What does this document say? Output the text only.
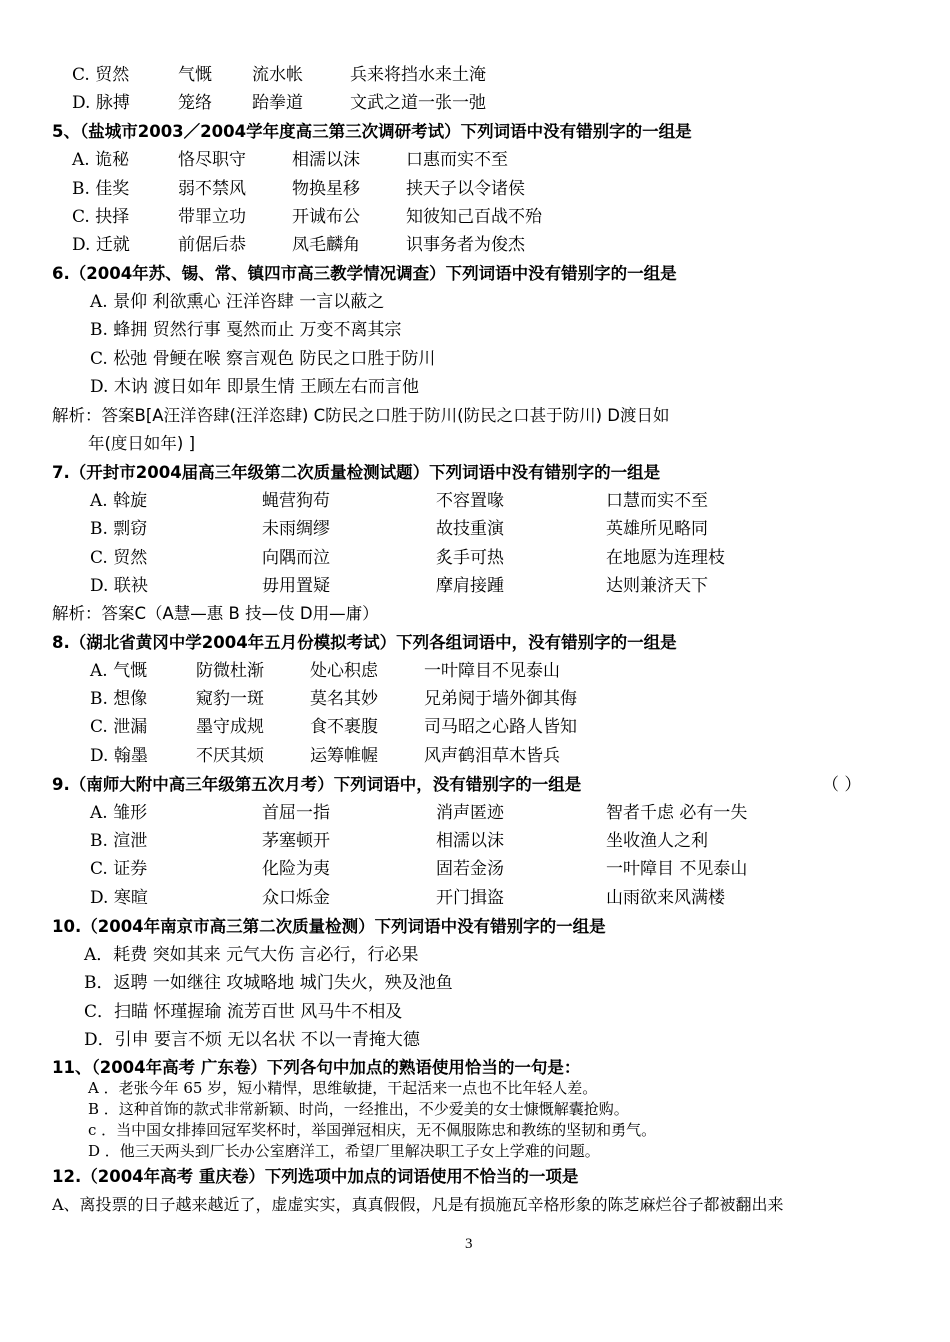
C. 贸然	气慨 流水帐	兵来将挡水来土淹
D. 脉搏	笼络 跆拳道	文武之道一张一弛
5、（盐城市2003／2004学年度高三第三次调研考试）下列词语中没有错别字的一组是
A. 诡秘	恪尽职守	相濡以沫	口惠而实不至
B. 佳奖	弱不禁风	物换星移	挟天子以令诸侯
C. 抉择	带罪立功	开诚布公	知彼知己百战不殆
D. 迁就	前倨后恭	凤毛麟角	识事务者为俊杰
6.（2004年苏、锡、常、镇四市高三教学情况调查）下列词语中没有错别字的一组是
A. 景仰 利欲熏心 汪洋咨肆 一言以蔽之
B. 蜂拥 贸然行事 戛然而止 万变不离其宗
C. 松弛 骨鲠在喉 察言观色 防民之口胜于防川
D. 木讷 渡日如年 即景生情 王顾左右而言他
解析：答案B[A汪洋咨肆(汪洋恣肆) C防民之口胜于防川(防民之口甚于防川) D渡日如
年(度日如年) ]
7.（开封市2004届高三年级第二次质量检测试题）下列词语中没有错别字的一组是
A. 斡旋	蝇营狗苟	不容置喙	口慧而实不至
B. 剽窃	未雨绸缪	故技重演	英雄所见略同
C. 贸然	向隅而泣	炙手可热	在地愿为连理枝
D. 联袂	毋用置疑	摩肩接踵	达则兼济天下
解析：答案C（A慧—惠 B 技—伎 D用—庸）
8.（湖北省黄冈中学2004年五月份模拟考试）下列各组词语中，没有错别字的一组是
A. 气慨	防微杜渐	处心积虑	一叶障目不见泰山
B. 想像	窥豹一斑	莫名其妙	兄弟阋于墙外御其侮
C. 泄漏	墨守成规	食不裹腹	司马昭之心路人皆知
D. 翰墨	不厌其烦	运筹帷幄	风声鹤泪草木皆兵
9.（南师大附中高三年级第五次月考）下列词语中，没有错别字的一组是	（ ）
A. 雏形	首屈一指	消声匿迹	智者千虑 必有一失
B. 渲泄	茅塞顿开	相濡以沫	坐收渔人之利
C. 证券	化险为夷	固若金汤	一叶障目 不见泰山
D. 寒暄	众口烁金	开门揖盗	山雨欲来风满楼
10.（2004年南京市高三第二次质量检测）下列词语中没有错别字的一组是
A．耗费 突如其来 元气大伤 言必行，行必果
B．返聘 一如继往 攻城略地 城门失火，殃及池鱼
C．扫瞄 怀瑾握瑜 流芳百世 风马牛不相及
D．引申 要言不烦 无以名状 不以一青掩大德
11、（2004年高考 广东卷）下列各句中加点的熟语使用恰当的一句是：
A ．老张今年 65 岁，短小精悍，思维敏捷，干起活来一点也不比年轻人差。
B ．这种首饰的款式非常新颖、时尚，一经推出，不少爱美的女士慷慨解囊抢购。
c ．当中国女排捧回冠军奖杯时，举国弹冠相庆，无不佩服陈忠和教练的坚韧和勇气。
D ．他三天两头到厂长办公室磨洋工，希望厂里解决职工子女上学难的问题。
12.（2004年高考 重庆卷）下列选项中加点的词语使用不恰当的一项是
A、离投票的日子越来越近了，虚虚实实，真真假假，凡是有损施瓦辛格形象的陈芝麻烂谷子都被翻出来
3
